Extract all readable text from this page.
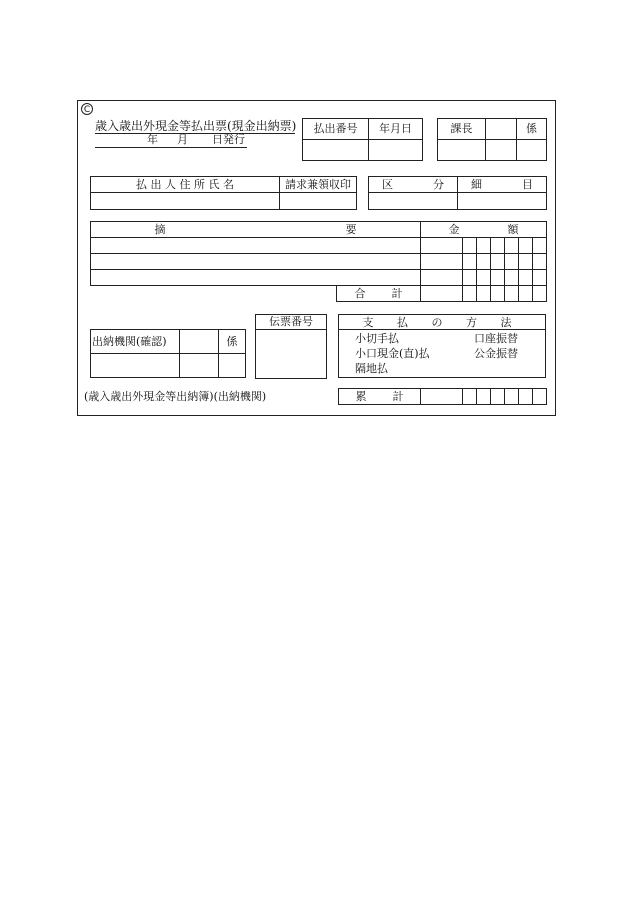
C
歳入歳出外現金等払出票(現金出納票)
年 月 日発行
払出番号	年月日
		課長		係

払 出 人 住 所 氏 名	請求兼領収印
		区 分	細 目

摘 要		金 額						

	合 計							
出納機関(確認)		係

伝票番号	支 払 の 方 法
小切手払	口座振替
小口現金(直)払	公金振替
隔地払
(歳入歳出外現金等出納簿)(出納機関)	累 計							
